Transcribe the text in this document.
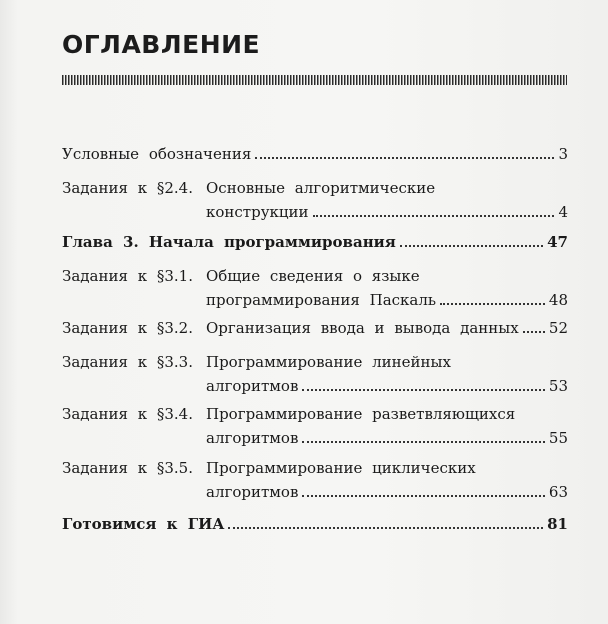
ОГЛАВЛЕНИЕ
Условные обозначения	3
Задания к §2.4. Основные алгоритмические
конструкции	4
Глава 3. Начала программирования	47
Задания к §3.1. Общие сведения о языке
программирования Паскаль	48
Задания к §3.2. Организация ввода и вывода данных 52
Задания к §3.3. Программирование линейных
алгоритмов	53
Задания к §3.4. Программирование разветвляющихся
алгоритмов	55
Задания к §3.5. Программирование циклических
алгоритмов	63
Готовимся к ГИА	81
